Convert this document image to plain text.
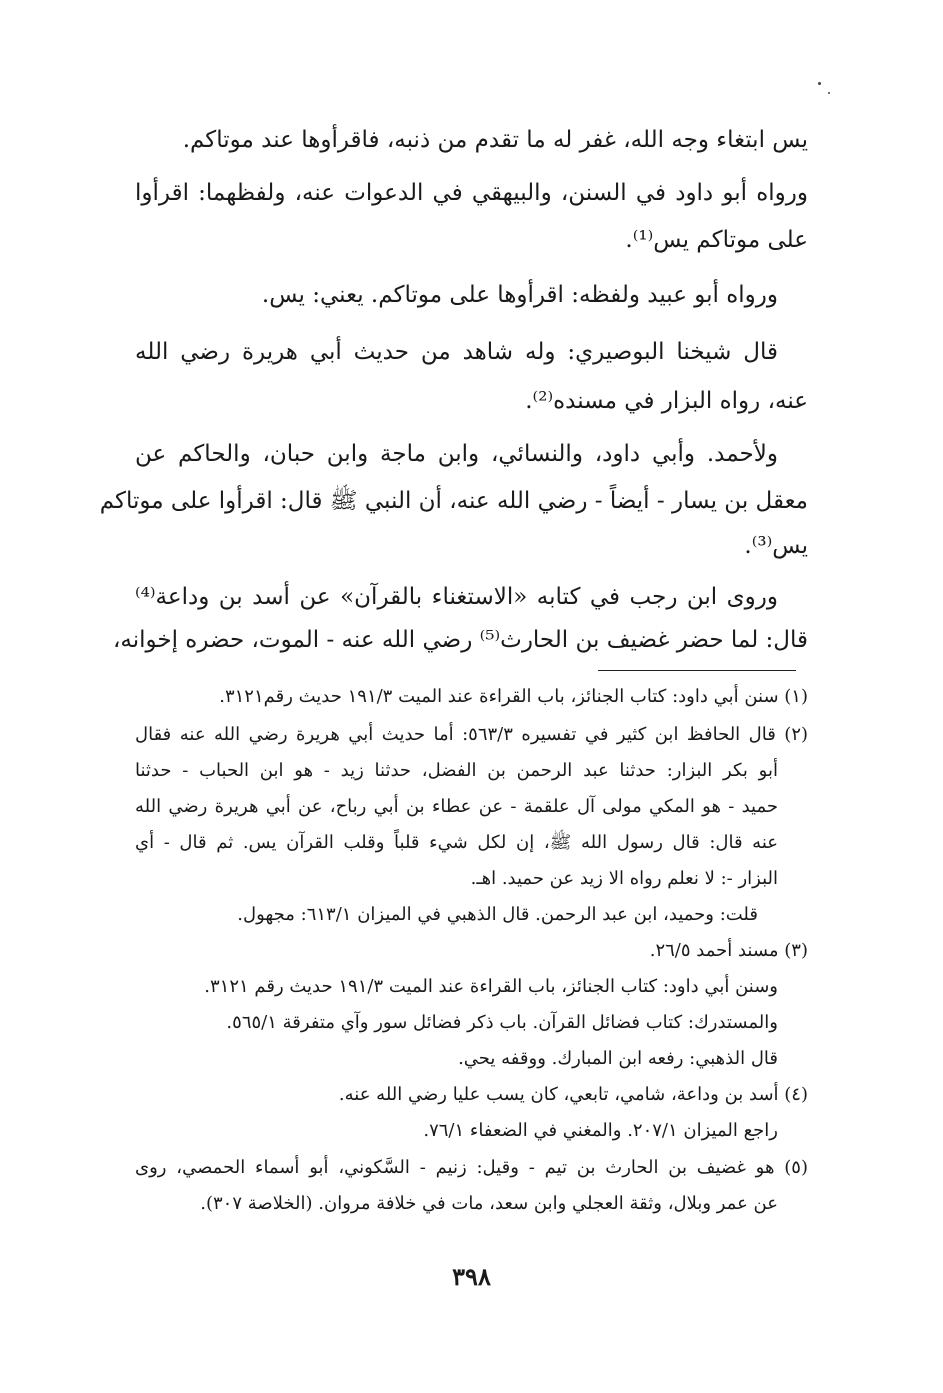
يس ابتغاء وجه الله، غفر له ما تقدم من ذنبه، فاقرأوها عند موتاكم.
ورواه أبو داود في السنن، والبيهقي في الدعوات عنه، ولفظهما: اقرأوا
على موتاكم يس⁽¹⁾.
ورواه أبو عبيد ولفظه: اقرأوها على موتاكم. يعني: يس.
قال شيخنا البوصيري: وله شاهد من حديث أبي هريرة رضي الله
عنه، رواه البزار في مسنده⁽²⁾.
ولأحمد. وأبي داود، والنسائي، وابن ماجة وابن حبان، والحاكم عن
معقل بن يسار - أيضاً - رضي الله عنه، أن النبي ﷺ قال: اقرأوا على موتاكم
يس⁽³⁾.
وروى ابن رجب في كتابه «الاستغناء بالقرآن» عن أسد بن وداعة⁽⁴⁾
قال: لما حضر غضيف بن الحارث⁽⁵⁾ رضي الله عنه - الموت، حضره إخوانه،
(١) سنن أبي داود: كتاب الجنائز، باب القراءة عند الميت ١٩١/٣ حديث رقم٣١٢١.
(٢) قال الحافظ ابن كثير في تفسيره ٥٦٣/٣: أما حديث أبي هريرة رضي الله عنه فقال
أبو بكر البزار: حدثنا عبد الرحمن بن الفضل، حدثنا زيد - هو ابن الحباب - حدثنا
حميد - هو المكي مولى آل علقمة - عن عطاء بن أبي رباح، عن أبي هريرة رضي الله
عنه قال: قال رسول الله ﷺ، إن لكل شيء قلباً وقلب القرآن يس. ثم قال - أي
البزار -: لا نعلم رواه الا زيد عن حميد. اهـ.
قلت: وحميد، ابن عبد الرحمن. قال الذهبي في الميزان ٦١٣/١: مجهول.
(٣) مسند أحمد ٢٦/٥.
وسنن أبي داود: كتاب الجنائز، باب القراءة عند الميت ١٩١/٣ حديث رقم ٣١٢١.
والمستدرك: كتاب فضائل القرآن. باب ذكر فضائل سور وآي متفرقة ٥٦٥/١.
قال الذهبي: رفعه ابن المبارك. ووقفه يحي.
(٤) أسد بن وداعة، شامي، تابعي، كان يسب عليا رضي الله عنه.
راجع الميزان ٢٠٧/١. والمغني في الضعفاء ٧٦/١.
(٥) هو غضيف بن الحارث بن تيم - وقيل: زنيم - السَّكوني، أبو أسماء الحمصي، روى
عن عمر وبلال، وثقة العجلي وابن سعد، مات في خلافة مروان. (الخلاصة ٣٠٧).
٣٩٨
